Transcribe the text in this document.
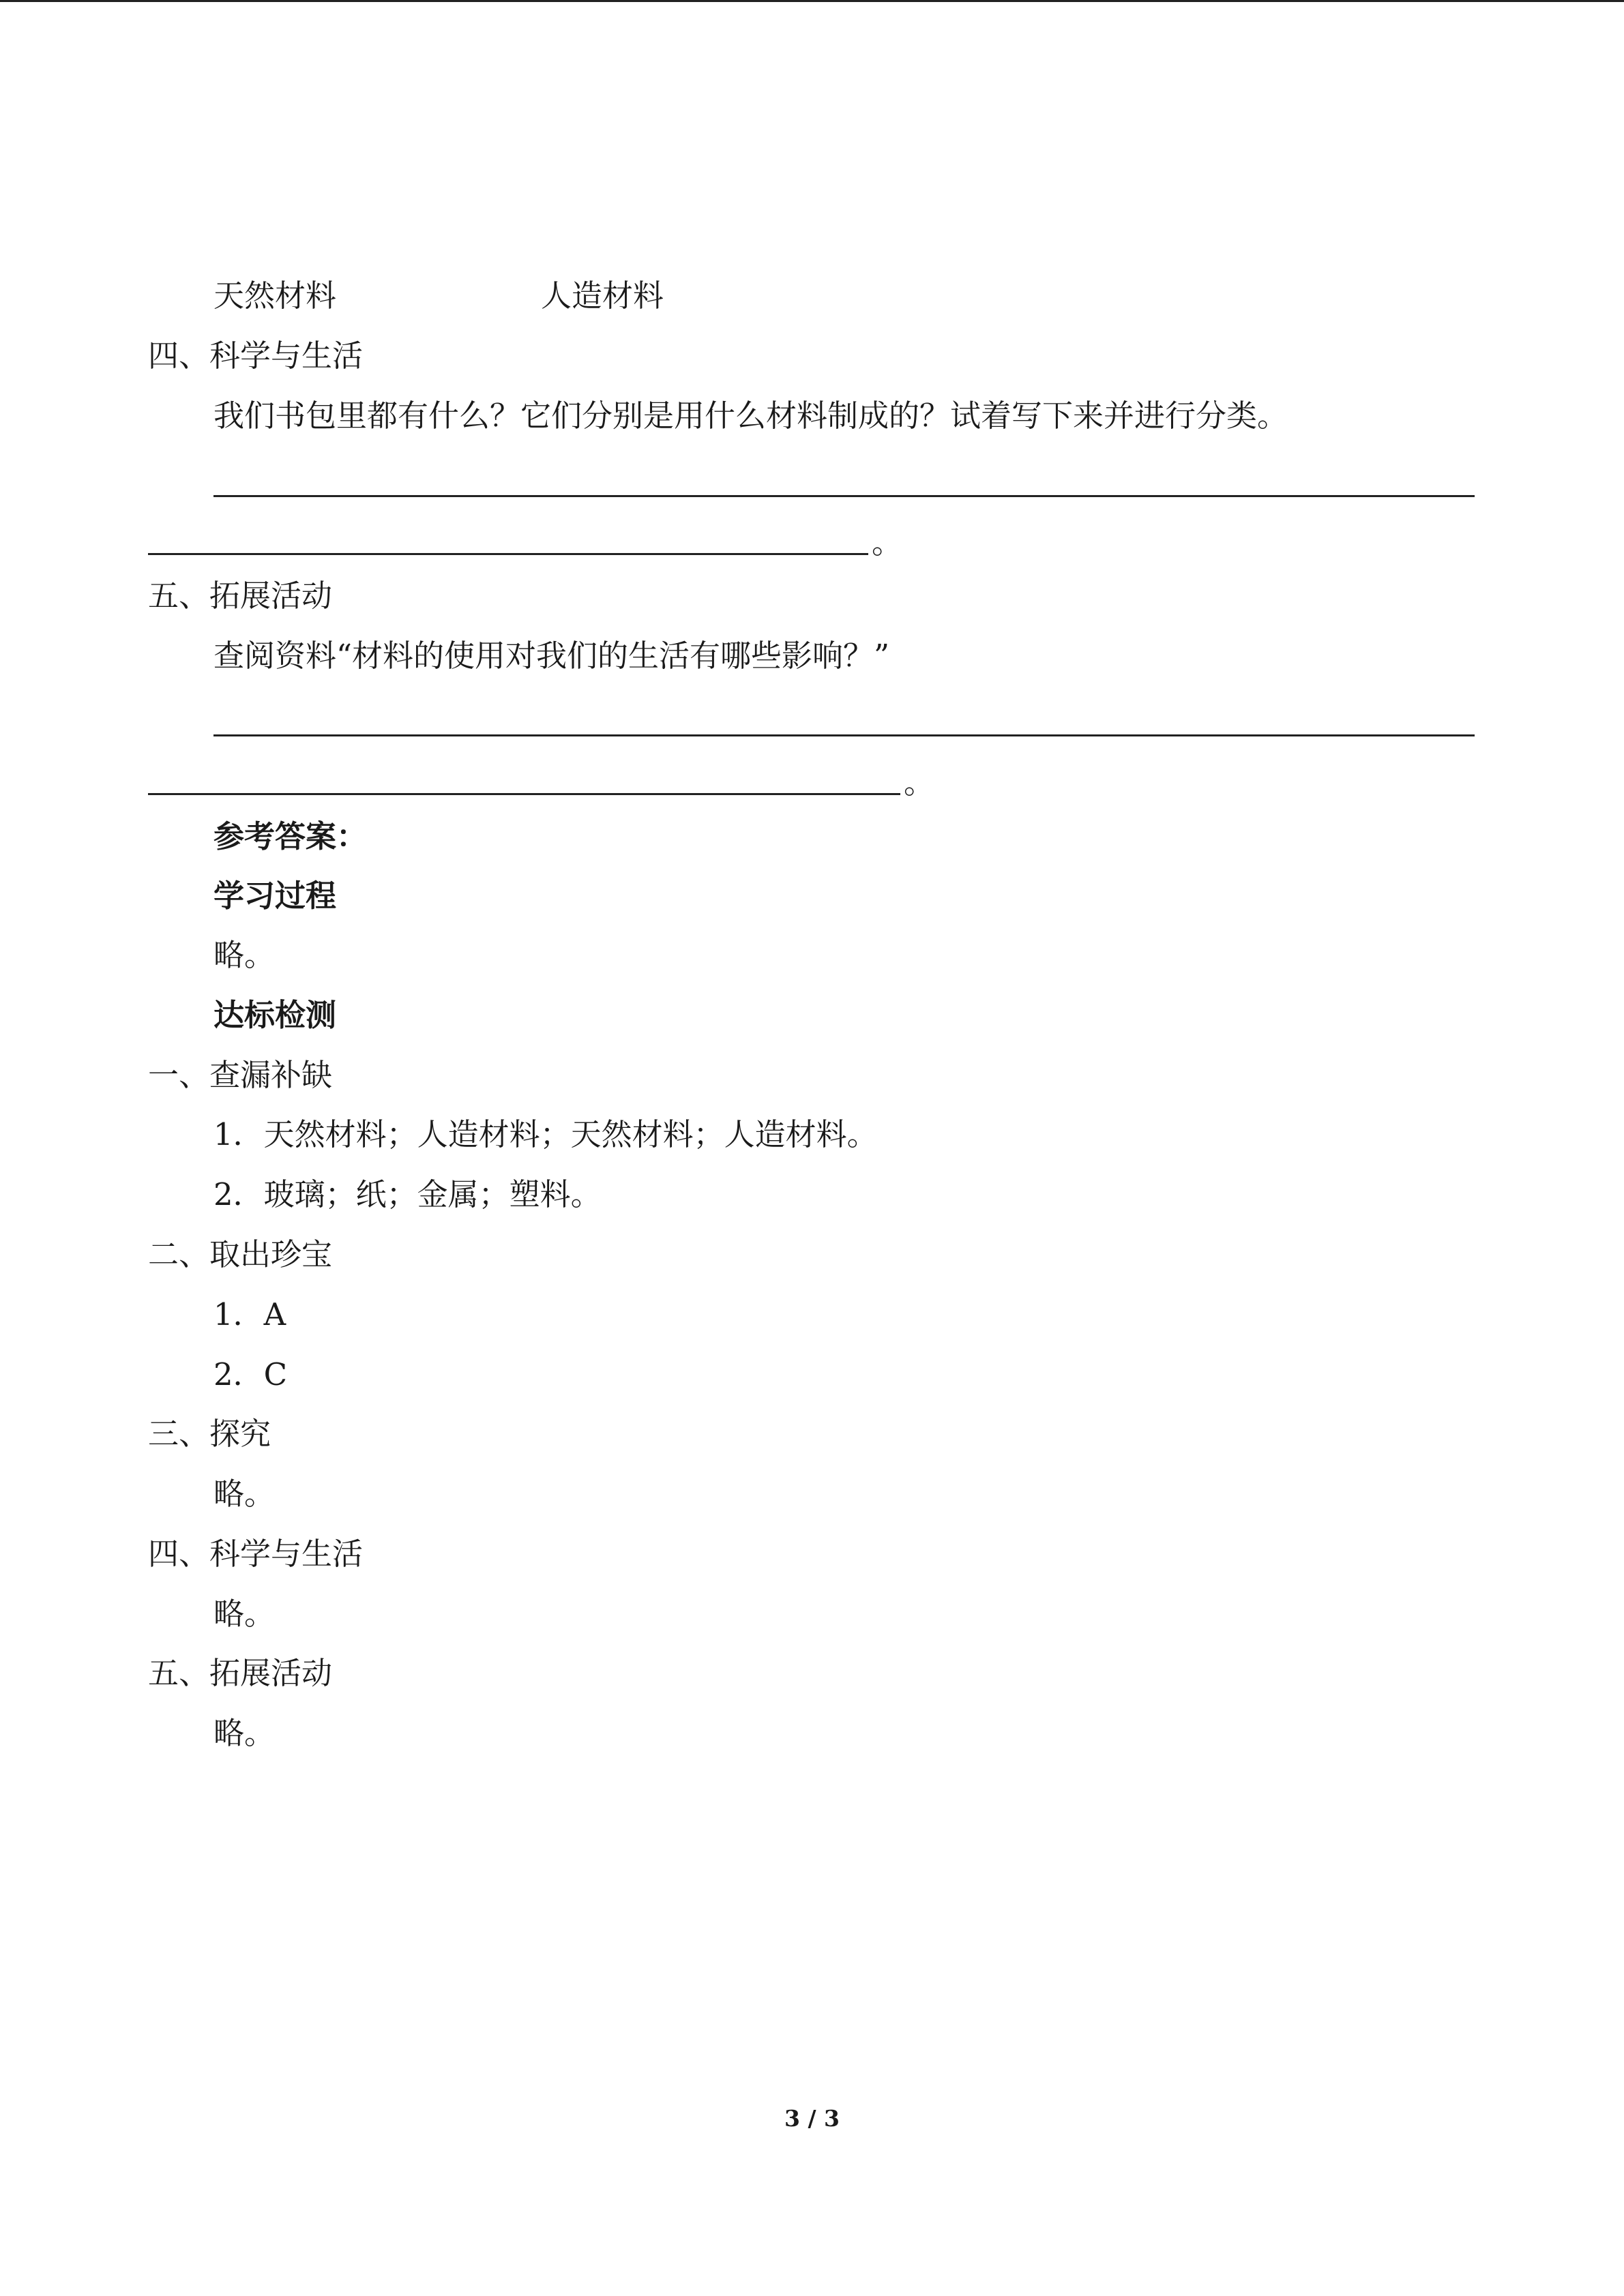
天然材料	人造材料
四、科学与生活
我们书包里都有什么？它们分别是用什么材料制成的？试着写下来并进行分类。
。
五、拓展活动
查阅资料“材料的使用对我们的生活有哪些影响？”
。
参考答案：
学习过程
略。
达标检测
一、查漏补缺
1．天然材料；人造材料；天然材料；人造材料。
2．玻璃；纸；金属；塑料。
二、取出珍宝
1．A
2．C
三、探究
略。
四、科学与生活
略。
五、拓展活动
略。
3 / 3
